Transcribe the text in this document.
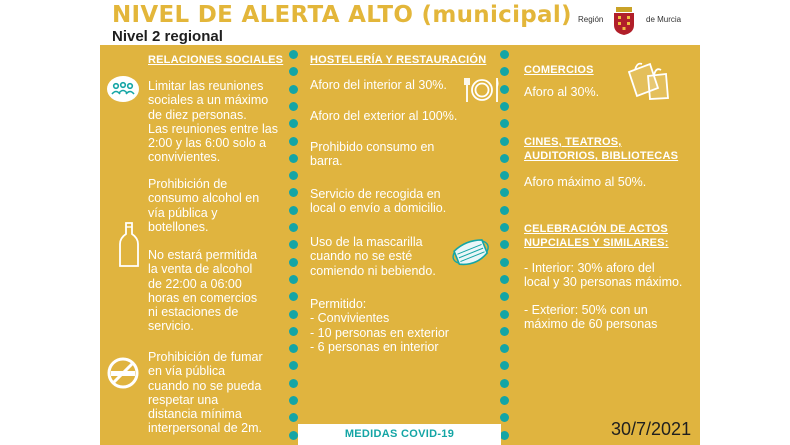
NIVEL DE ALERTA ALTO (municipal)
Nivel 2 regional
Región	de Murcia
RELACIONES SOCIALES
Limitar las reuniones
sociales a un máximo
de diez personas.
Las reuniones entre las
2:00 y las 6:00 solo a
convivientes.
Prohibición de
consumo alcohol en
vía pública y
botellones.
No estará permitida
la venta de alcohol
de 22:00 a 06:00
horas en comercios
ni estaciones de
servicio.
Prohibición de fumar
en vía pública
cuando no se pueda
respetar una
distancia mínima
interpersonal de 2m.
HOSTELERÍA Y RESTAURACIÓN
Aforo del interior al 30%.
Aforo del exterior al 100%.
Prohibido consumo en
barra.
Servicio de recogida en
local o envío a domicilio.
Uso de la mascarilla
cuando no se esté
comiendo ni bebiendo.
Permitido:
- Convivientes
- 10 personas en exterior
- 6 personas en interior
COMERCIOS
Aforo al 30%.
CINES, TEATROS,
AUDITORIOS, BIBLIOTECAS
Aforo máximo al 50%.
CELEBRACIÓN DE ACTOS
NUPCIALES Y SIMILARES:
- Interior: 30% aforo del
local y 30 personas máximo.
- Exterior: 50% con un
máximo de 60 personas
MEDIDAS COVID-19	30/7/2021
